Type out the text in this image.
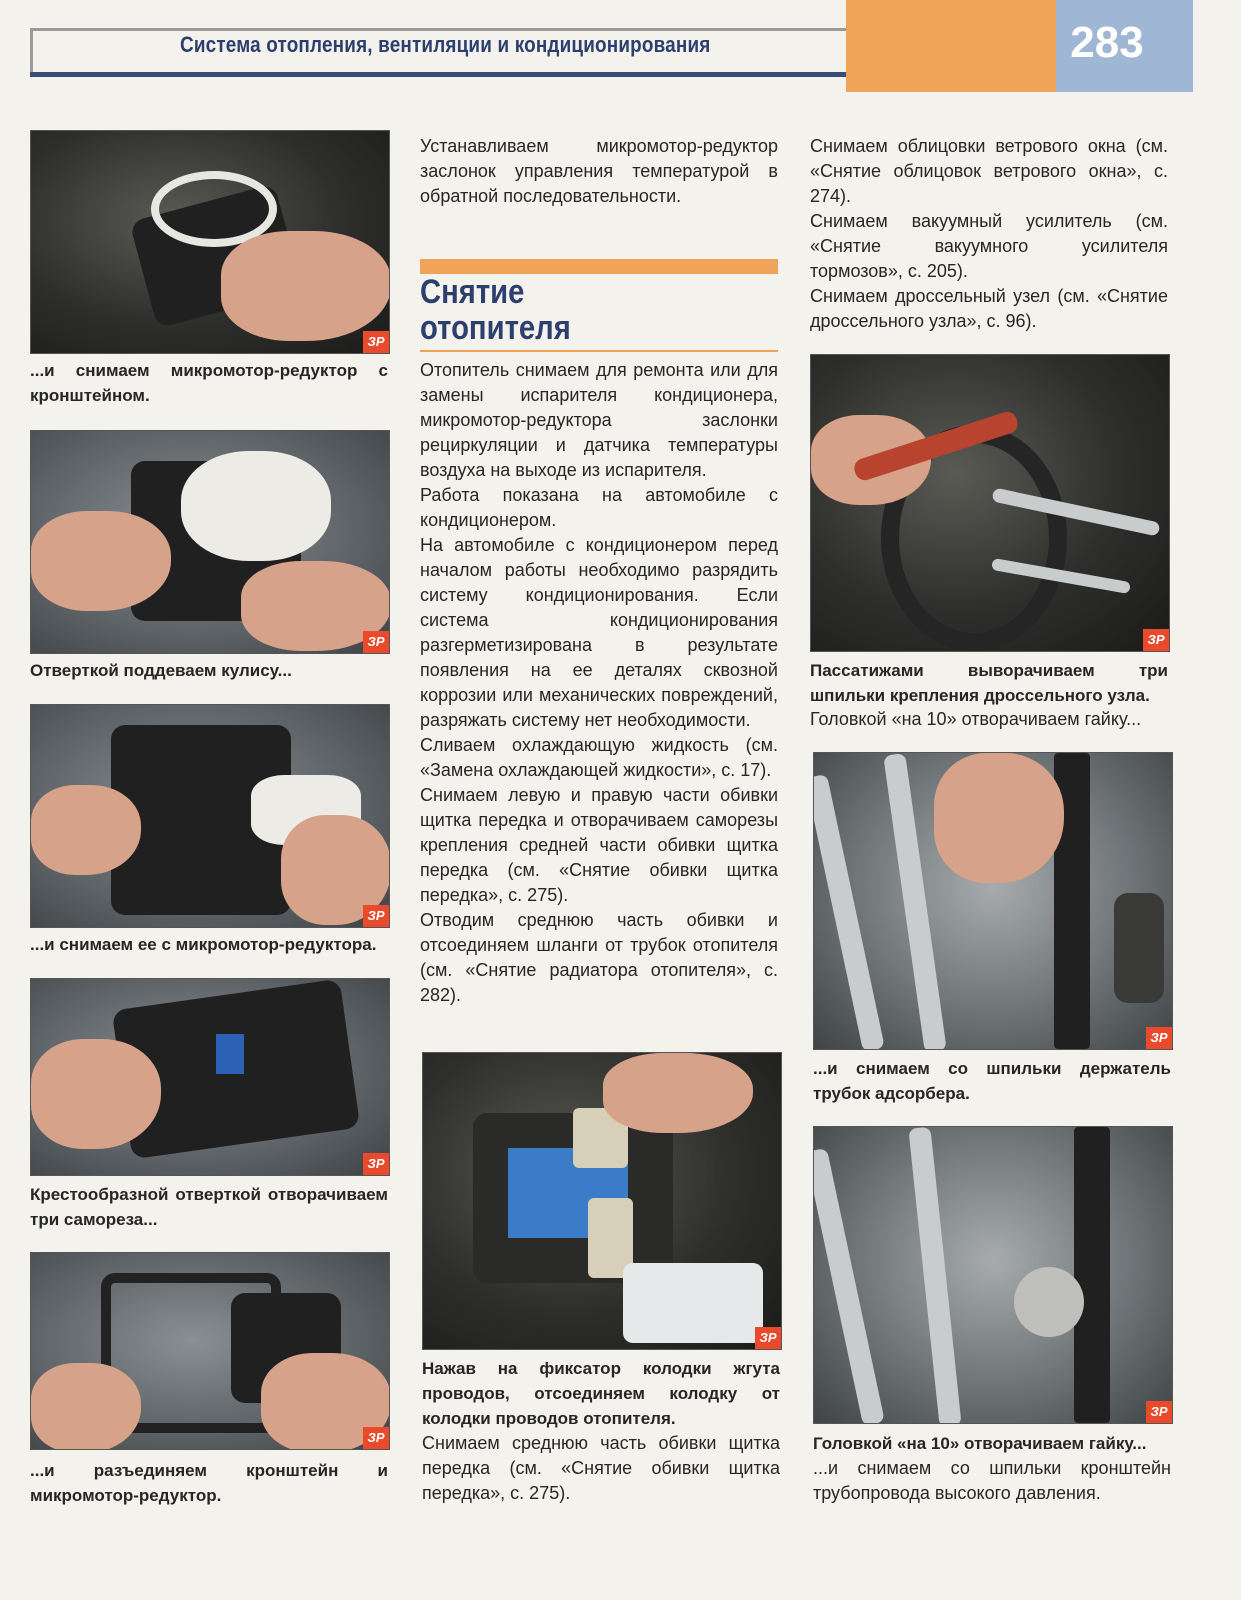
Система отопления, вентиляции и кондиционирования	283
ЗР
...и снимаем микромотор-редуктор с кронштейном.
ЗР
Отверткой поддеваем кулису...
ЗР
...и снимаем ее с микромотор-редуктора.
ЗР
Крестообразной отверткой отворачиваем три самореза...
ЗР
...и разъединяем кронштейн и микромотор-редуктор.
Устанавливаем микромотор-редуктор заслонок управления температурой в обратной последовательности.
Снятие
отопителя

Отопитель снимаем для ремонта или для замены испарителя кондиционера, микромотор-редуктора заслонки рециркуляции и датчика температуры воздуха на выходе из испарителя.

Работа показана на автомобиле с кондиционером.

На автомобиле с кондиционером перед началом работы необходимо разрядить систему кондиционирования. Если система кондиционирования разгерметизирована в результате появления на ее деталях сквозной коррозии или механических повреждений, разряжать систему нет необходимости.

Сливаем охлаждающую жидкость (см. «Замена охлаждающей жидкости», с. 17).

Снимаем левую и правую части обивки щитка передка и отворачиваем саморезы крепления средней части обивки щитка передка (см. «Снятие обивки щитка передка», с. 275).

Отводим среднюю часть обивки и отсоединяем шланги от трубок отопителя (см. «Снятие радиатора отопителя», с. 282).

ЗР
Нажав на фиксатор колодки жгута проводов, отсоединяем колодку от колодки проводов отопителя.
Снимаем среднюю часть обивки щитка передка (см. «Снятие обивки щитка передка», с. 275).

Снимаем облицовки ветрового окна (см. «Снятие облицовок ветрового окна», с. 274).

Снимаем вакуумный усилитель (см. «Снятие вакуумного усилителя тормозов», с. 205).

Снимаем дроссельный узел (см. «Снятие дроссельного узла», с. 96).

ЗР
Пассатижами выворачиваем три шпильки крепления дроссельного узла.
Головкой «на 10» отворачиваем гайку...
ЗР
...и снимаем со шпильки держатель трубок адсорбера.
ЗР
Головкой «на 10» отворачиваем гайку...
...и снимаем со шпильки кронштейн трубопровода высокого давления.
